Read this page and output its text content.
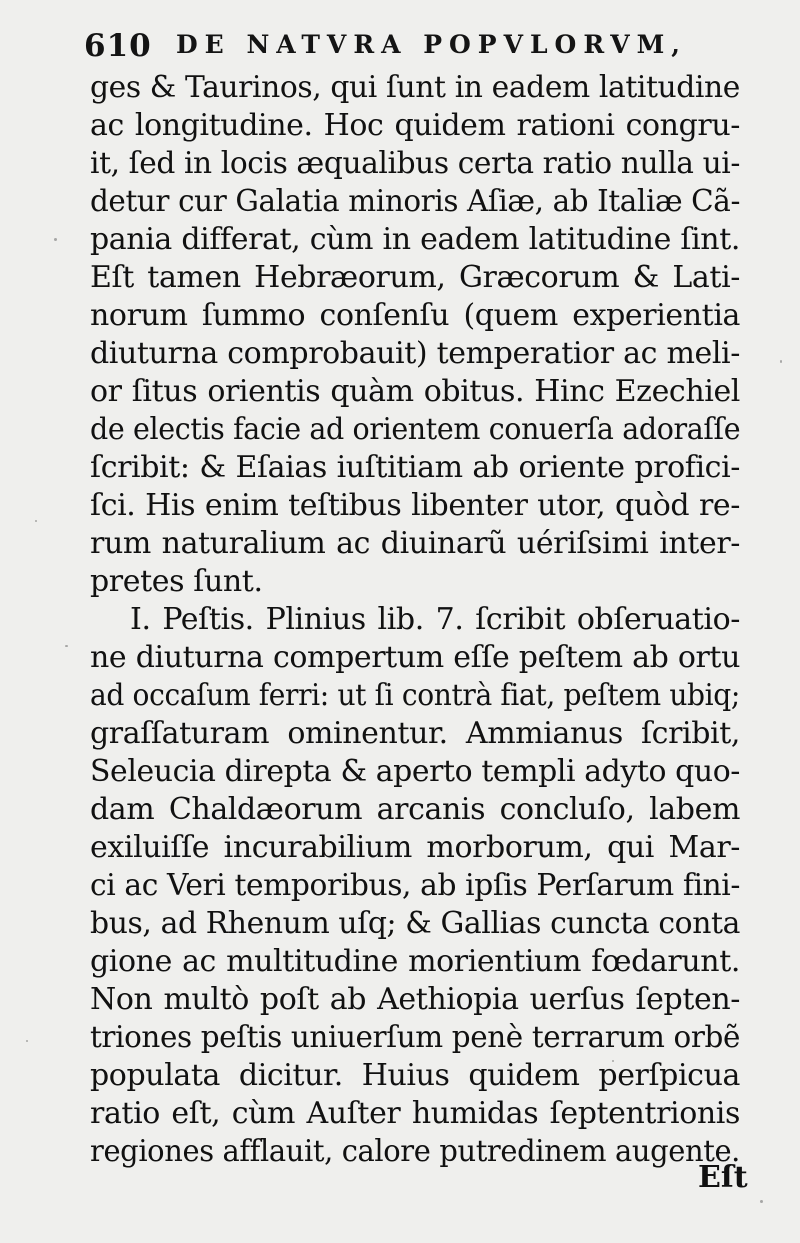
610 DE NATVRA POPVLORVM,
ges & Taurinos, qui ſunt in eadem latitudine
ac longitudine. Hoc quidem rationi congru-
it, ſed in locis æqualibus certa ratio nulla ui-
detur cur Galatia minoris Aſiæ, ab Italiæ Cã-
pania differat, cùm in eadem latitudine ſint.
Eſt tamen Hebræorum, Græcorum & Lati-
norum ſummo conſenſu (quem experientia
diuturna comprobauit) temperatior ac meli-
or ſitus orientis quàm obitus. Hinc Ezechiel
de electis facie ad orientem conuerſa adoraſſe
ſcribit: & Eſaias iuſtitiam ab oriente profici-
ſci. His enim teſtibus libenter utor, quòd re-
rum naturalium ac diuinarũ uériſsimi inter-
pretes ſunt.
I. Peſtis. Plinius lib. 7. ſcribit obſeruatio-
ne diuturna compertum eſſe peſtem ab ortu
ad occaſum ferri: ut ſi contrà fiat, peſtem ubiq;
graſſaturam ominentur. Ammianus ſcribit,
Seleucia direpta & aperto templi adyto quo-
dam Chaldæorum arcanis concluſo, labem
exiluiſſe incurabilium morborum, qui Mar-
ci ac Veri temporibus, ab ipſis Perſarum fini-
bus, ad Rhenum uſq; & Gallias cuncta conta
gione ac multitudine morientium fœdarunt.
Non multò poſt ab Aethiopia uerſus ſepten-
triones peſtis uniuerſum penè terrarum orbẽ
populata dicitur. Huius quidem perſpicua
ratio eſt, cùm Auſter humidas ſeptentrionis
regiones afflauit, calore putredinem augente.
Eſt
